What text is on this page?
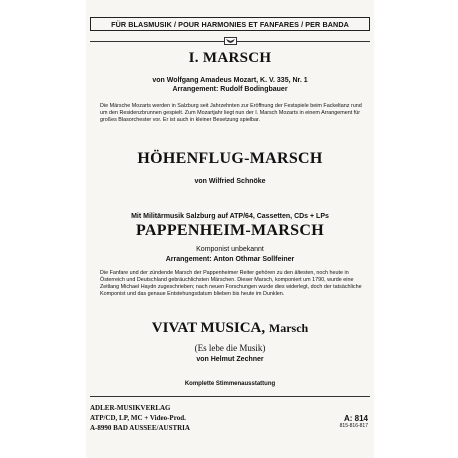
FÜR BLASMUSIK / POUR HARMONIES ET FANFARES / PER BANDA
I. MARSCH
von Wolfgang Amadeus Mozart, K. V. 335, Nr. 1
Arrangement: Rudolf Bodingbauer
Die Märsche Mozarts werden in Salzburg seit Jahrzehnten zur Eröffnung der Festspiele beim Fackeltanz rund um den Residenzbrunnen gespielt. Zum Mozartjahr liegt nun der I. Marsch Mozarts in einem Arrangement für großes Blasorchester vor. Er ist auch in kleiner Besetzung spielbar.
HÖHENFLUG-MARSCH
von Wilfried Schnöke
Mit Militärmusik Salzburg auf ATP/64, Cassetten, CDs + LPs
PAPPENHEIM-MARSCH
Komponist unbekannt
Arrangement: Anton Othmar Sollfeiner
Die Fanfare und der zündende Marsch der Pappenheimer Reiter gehören zu den ältesten, noch heute in Österreich und Deutschland gebräuchlichsten Märschen. Dieser Marsch, komponiert um 1790, wurde eine Zeitlang Michael Haydn zugeschrieben; nach neuen Forschungen wurde dies widerlegt, doch der tatsächliche Komponist und das genaue Entstehungsdatum blieben bis heute im Dunklen.
VIVAT MUSICA, Marsch
(Es lebe die Musik)
von Helmut Zechner
Komplette Stimmenausstattung
ADLER-MUSIKVERLAG
ATP/CD, LP, MC + Video-Prod.
A-8990 BAD AUSSEE/AUSTRIA
A: 814
815-816-817
